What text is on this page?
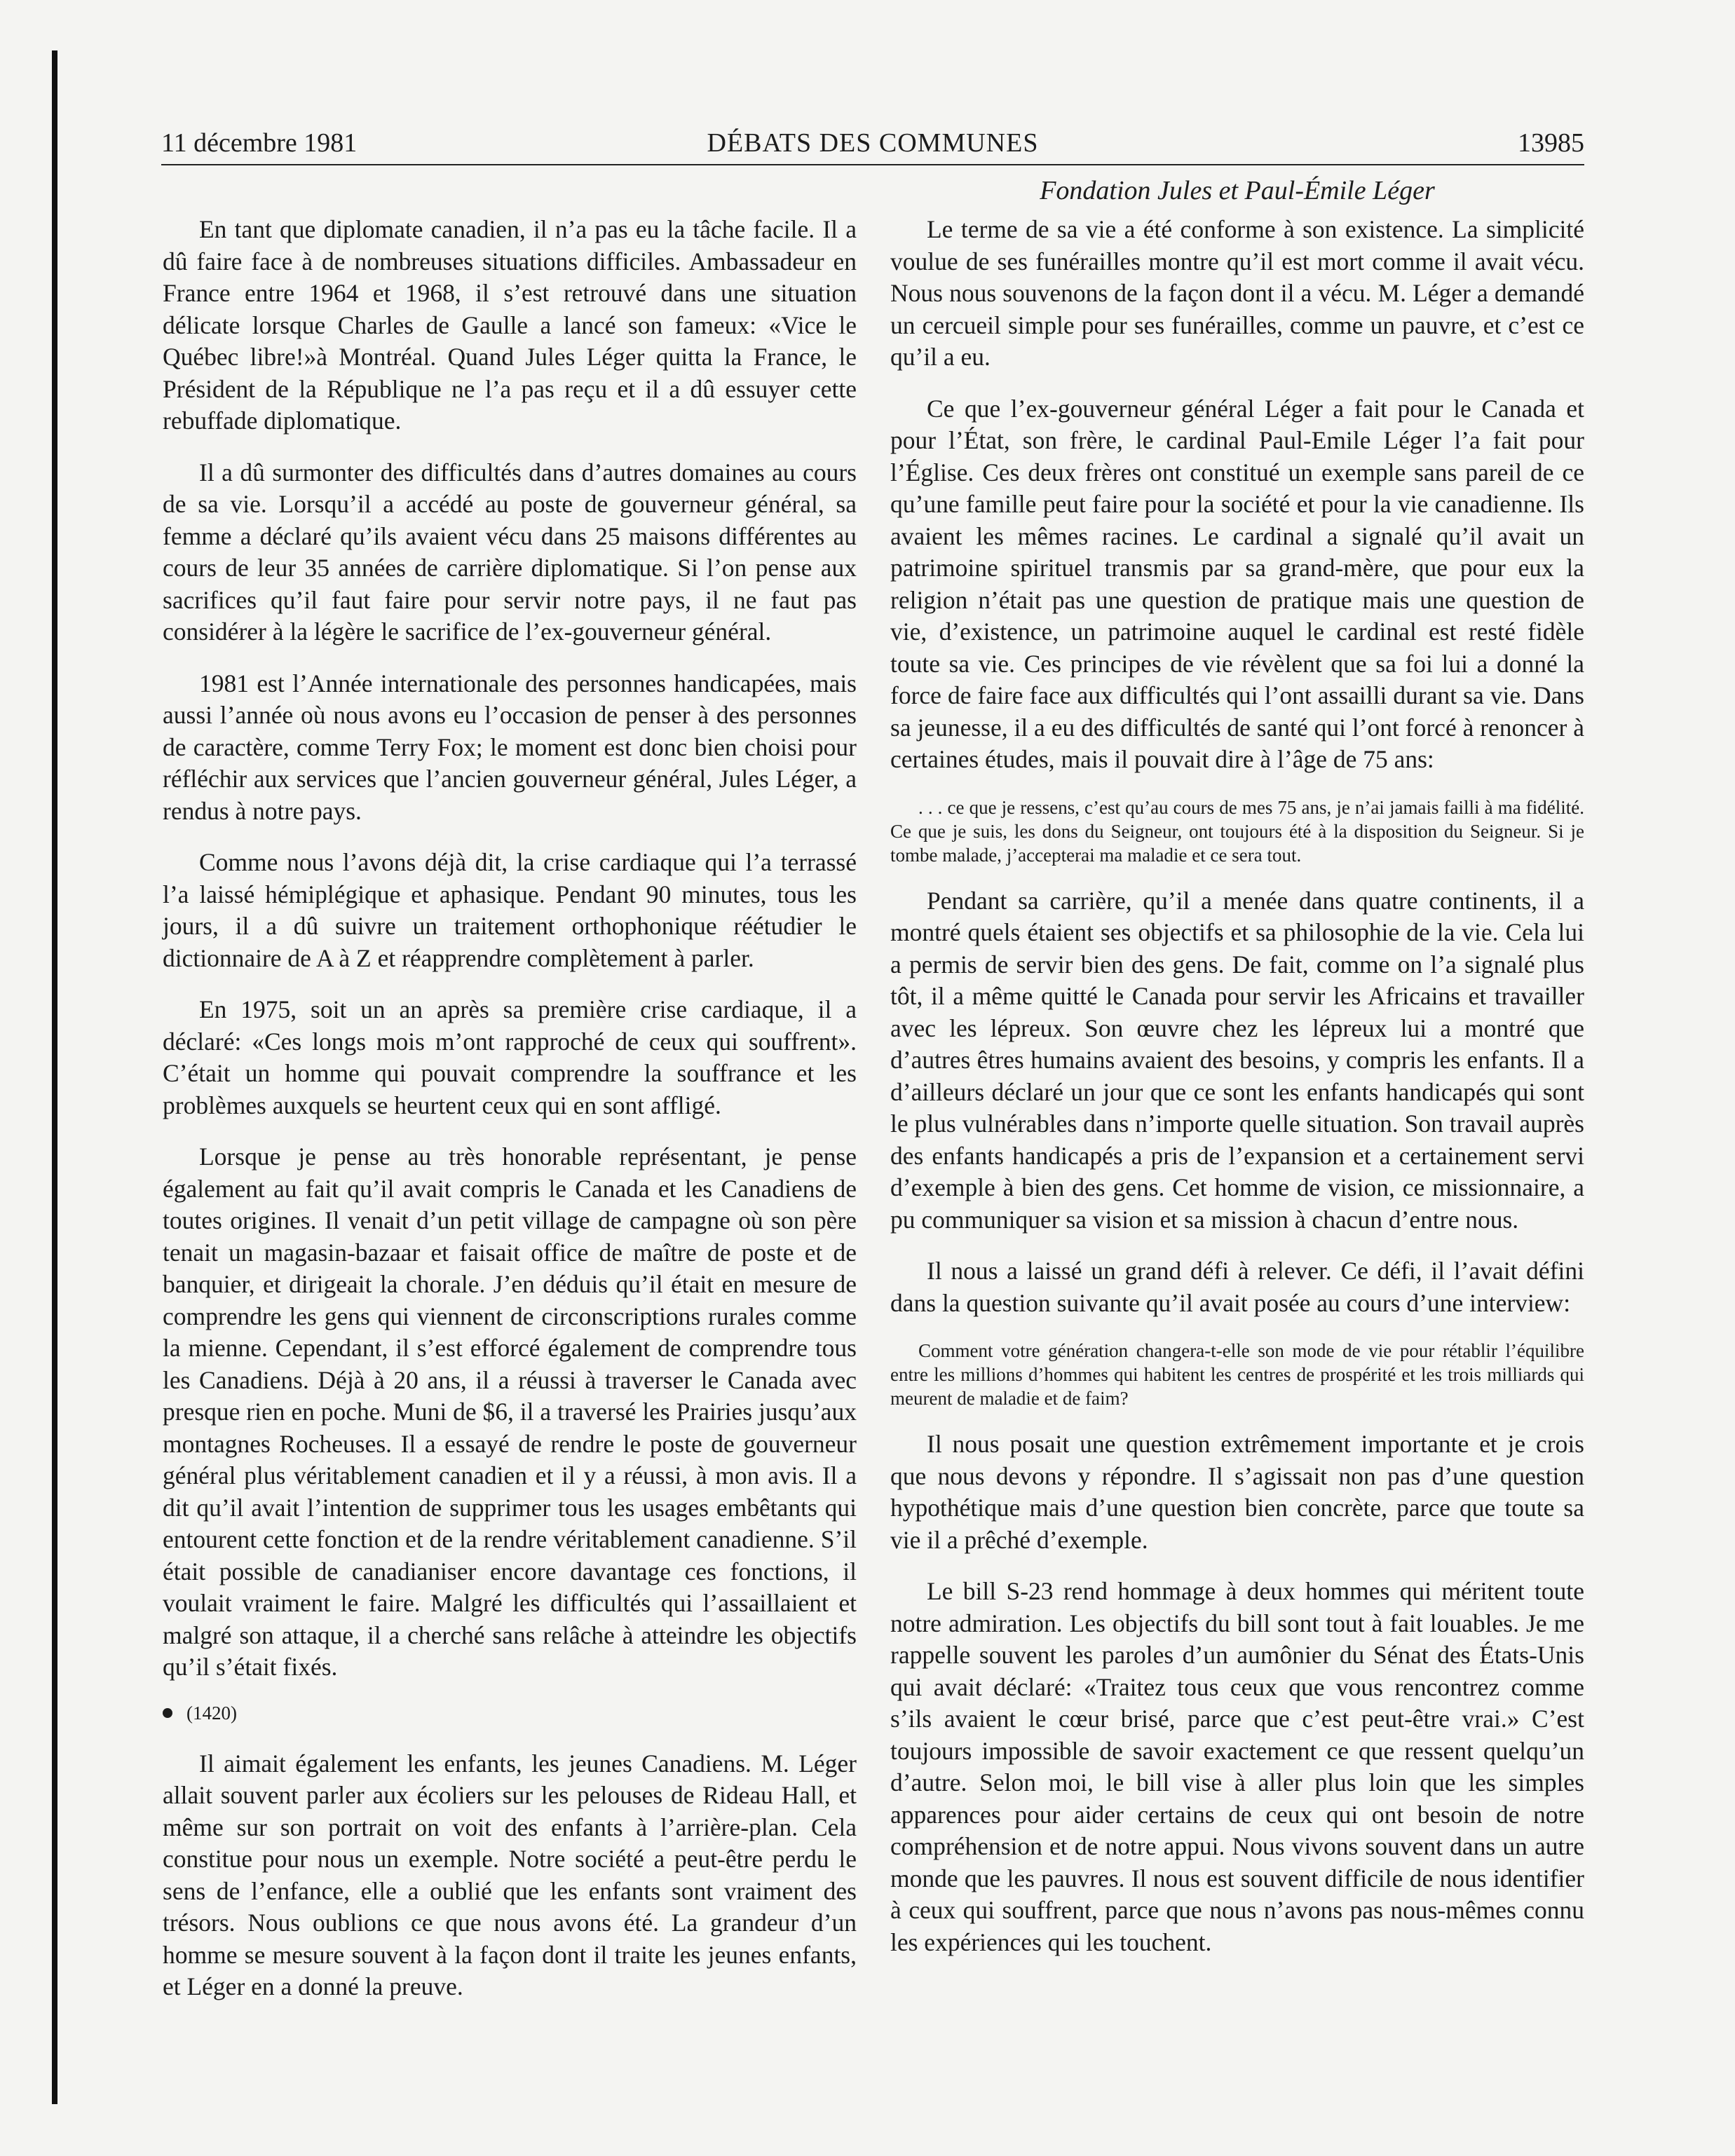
11 décembre 1981	DÉBATS DES COMMUNES	13985
Fondation Jules et Paul-Émile Léger

En tant que diplomate canadien, il n’a pas eu la tâche facile. Il a dû faire face à de nombreuses situations difficiles. Ambassadeur en France entre 1964 et 1968, il s’est retrouvé dans une situation délicate lorsque Charles de Gaulle a lancé son fameux: «Vice le Québec libre!»à Montréal. Quand Jules Léger quitta la France, le Président de la République ne l’a pas reçu et il a dû essuyer cette rebuffade diplomatique.

Il a dû surmonter des difficultés dans d’autres domaines au cours de sa vie. Lorsqu’il a accédé au poste de gouverneur général, sa femme a déclaré qu’ils avaient vécu dans 25 maisons différentes au cours de leur 35 années de carrière diplomatique. Si l’on pense aux sacrifices qu’il faut faire pour servir notre pays, il ne faut pas considérer à la légère le sacrifice de l’ex-gouverneur général.

1981 est l’Année internationale des personnes handicapées, mais aussi l’année où nous avons eu l’occasion de penser à des personnes de caractère, comme Terry Fox; le moment est donc bien choisi pour réfléchir aux services que l’ancien gouverneur général, Jules Léger, a rendus à notre pays.

Comme nous l’avons déjà dit, la crise cardiaque qui l’a terrassé l’a laissé hémiplégique et aphasique. Pendant 90 minutes, tous les jours, il a dû suivre un traitement orthophonique réétudier le dictionnaire de A à Z et réapprendre complètement à parler.

En 1975, soit un an après sa première crise cardiaque, il a déclaré: «Ces longs mois m’ont rapproché de ceux qui souffrent». C’était un homme qui pouvait comprendre la souffrance et les problèmes auxquels se heurtent ceux qui en sont affligé.

Lorsque je pense au très honorable représentant, je pense également au fait qu’il avait compris le Canada et les Canadiens de toutes origines. Il venait d’un petit village de campagne où son père tenait un magasin-bazaar et faisait office de maître de poste et de banquier, et dirigeait la chorale. J’en déduis qu’il était en mesure de comprendre les gens qui viennent de circonscriptions rurales comme la mienne. Cependant, il s’est efforcé également de comprendre tous les Canadiens. Déjà à 20 ans, il a réussi à traverser le Canada avec presque rien en poche. Muni de $6, il a traversé les Prairies jusqu’aux montagnes Rocheuses. Il a essayé de rendre le poste de gouverneur général plus véritablement canadien et il y a réussi, à mon avis. Il a dit qu’il avait l’intention de supprimer tous les usages embêtants qui entourent cette fonction et de la rendre véritablement canadienne. S’il était possible de canadianiser encore davantage ces fonctions, il voulait vraiment le faire. Malgré les difficultés qui l’assaillaient et malgré son attaque, il a cherché sans relâche à atteindre les objectifs qu’il s’était fixés.

(1420)

Il aimait également les enfants, les jeunes Canadiens. M. Léger allait souvent parler aux écoliers sur les pelouses de Rideau Hall, et même sur son portrait on voit des enfants à l’arrière-plan. Cela constitue pour nous un exemple. Notre société a peut-être perdu le sens de l’enfance, elle a oublié que les enfants sont vraiment des trésors. Nous oublions ce que nous avons été. La grandeur d’un homme se mesure souvent à la façon dont il traite les jeunes enfants, et Léger en a donné la preuve.

Le terme de sa vie a été conforme à son existence. La simplicité voulue de ses funérailles montre qu’il est mort comme il avait vécu. Nous nous souvenons de la façon dont il a vécu. M. Léger a demandé un cercueil simple pour ses funérailles, comme un pauvre, et c’est ce qu’il a eu.

Ce que l’ex-gouverneur général Léger a fait pour le Canada et pour l’État, son frère, le cardinal Paul-Emile Léger l’a fait pour l’Église. Ces deux frères ont constitué un exemple sans pareil de ce qu’une famille peut faire pour la société et pour la vie canadienne. Ils avaient les mêmes racines. Le cardinal a signalé qu’il avait un patrimoine spirituel transmis par sa grand-mère, que pour eux la religion n’était pas une question de pratique mais une question de vie, d’existence, un patrimoine auquel le cardinal est resté fidèle toute sa vie. Ces principes de vie révèlent que sa foi lui a donné la force de faire face aux difficultés qui l’ont assailli durant sa vie. Dans sa jeunesse, il a eu des difficultés de santé qui l’ont forcé à renoncer à certaines études, mais il pouvait dire à l’âge de 75 ans:

. . . ce que je ressens, c’est qu’au cours de mes 75 ans, je n’ai jamais failli à ma fidélité. Ce que je suis, les dons du Seigneur, ont toujours été à la disposition du Seigneur. Si je tombe malade, j’accepterai ma maladie et ce sera tout.

Pendant sa carrière, qu’il a menée dans quatre continents, il a montré quels étaient ses objectifs et sa philosophie de la vie. Cela lui a permis de servir bien des gens. De fait, comme on l’a signalé plus tôt, il a même quitté le Canada pour servir les Africains et travailler avec les lépreux. Son œuvre chez les lépreux lui a montré que d’autres êtres humains avaient des besoins, y compris les enfants. Il a d’ailleurs déclaré un jour que ce sont les enfants handicapés qui sont le plus vulnérables dans n’importe quelle situation. Son travail auprès des enfants handicapés a pris de l’expansion et a certainement servi d’exemple à bien des gens. Cet homme de vision, ce missionnaire, a pu communiquer sa vision et sa mission à chacun d’entre nous.

Il nous a laissé un grand défi à relever. Ce défi, il l’avait défini dans la question suivante qu’il avait posée au cours d’une interview:

Comment votre génération changera-t-elle son mode de vie pour rétablir l’équilibre entre les millions d’hommes qui habitent les centres de prospérité et les trois milliards qui meurent de maladie et de faim?

Il nous posait une question extrêmement importante et je crois que nous devons y répondre. Il s’agissait non pas d’une question hypothétique mais d’une question bien concrète, parce que toute sa vie il a prêché d’exemple.

Le bill S-23 rend hommage à deux hommes qui méritent toute notre admiration. Les objectifs du bill sont tout à fait louables. Je me rappelle souvent les paroles d’un aumônier du Sénat des États-Unis qui avait déclaré: «Traitez tous ceux que vous rencontrez comme s’ils avaient le cœur brisé, parce que c’est peut-être vrai.» C’est toujours impossible de savoir exactement ce que ressent quelqu’un d’autre. Selon moi, le bill vise à aller plus loin que les simples apparences pour aider certains de ceux qui ont besoin de notre compréhension et de notre appui. Nous vivons souvent dans un autre monde que les pauvres. Il nous est souvent difficile de nous identifier à ceux qui souffrent, parce que nous n’avons pas nous-mêmes connu les expériences qui les touchent.
